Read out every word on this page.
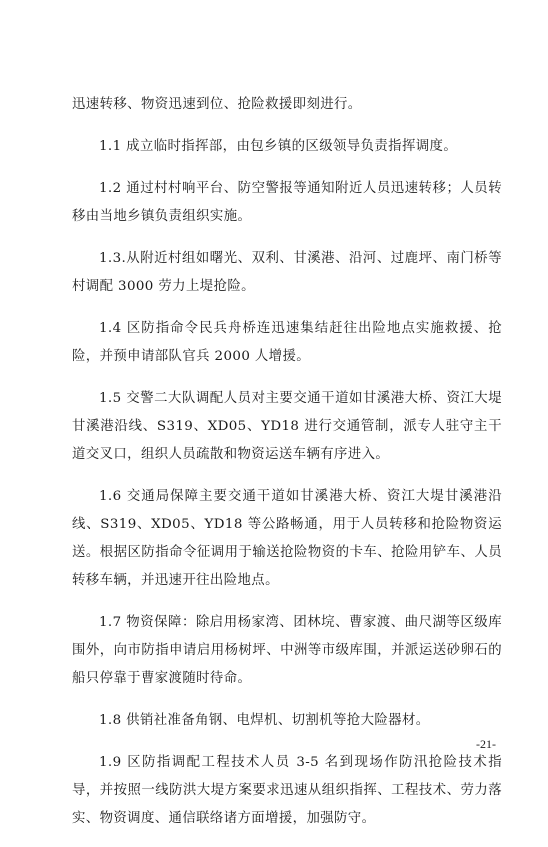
迅速转移、物资迅速到位、抢险救援即刻进行。

1.1 成立临时指挥部，由包乡镇的区级领导负责指挥调度。

1.2 通过村村响平台、防空警报等通知附近人员迅速转移；人员转移由当地乡镇负责组织实施。

1.3.从附近村组如曙光、双利、甘溪港、沿河、过鹿坪、南门桥等村调配 3000 劳力上堤抢险。

1.4 区防指命令民兵舟桥连迅速集结赶往出险地点实施救援、抢险，并预申请部队官兵 2000 人增援。

1.5 交警二大队调配人员对主要交通干道如甘溪港大桥、资江大堤甘溪港沿线、S319、XD05、YD18 进行交通管制，派专人驻守主干道交叉口，组织人员疏散和物资运送车辆有序进入。

1.6 交通局保障主要交通干道如甘溪港大桥、资江大堤甘溪港沿线、S319、XD05、YD18 等公路畅通，用于人员转移和抢险物资运送。根据区防指命令征调用于输送抢险物资的卡车、抢险用铲车、人员转移车辆，并迅速开往出险地点。

1.7 物资保障：除启用杨家湾、团林垸、曹家渡、曲尺湖等区级库围外，向市防指申请启用杨树坪、中洲等市级库围，并派运送砂卵石的船只停靠于曹家渡随时待命。

1.8 供销社准备角钢、电焊机、切割机等抢大险器材。

1.9 区防指调配工程技术人员 3-5 名到现场作防汛抢险技术指导，并按照一线防洪大堤方案要求迅速从组织指挥、工程技术、劳力落实、物资调度、通信联络诸方面增援，加强防守。

-21-
